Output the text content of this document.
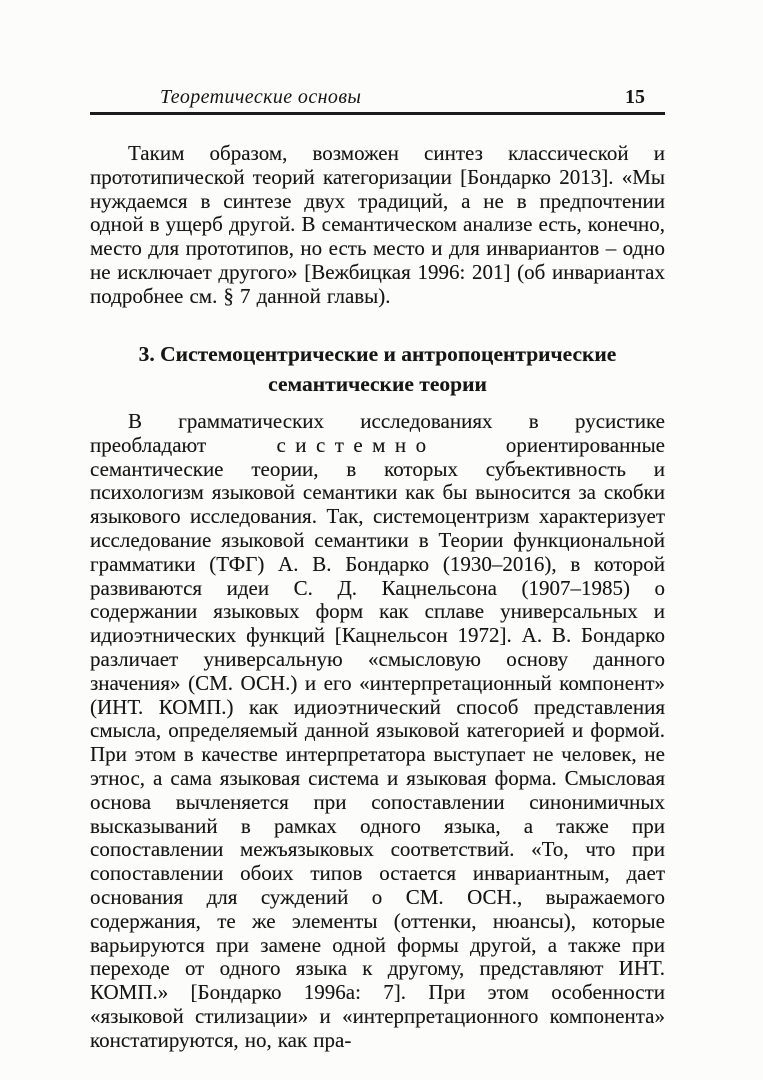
Теоретические основы	15

Таким образом, возможен синтез классической и прототипической теорий категоризации [Бондарко 2013]. «Мы нуждаемся в синтезе двух традиций, а не в предпочтении одной в ущерб другой. В семантическом анализе есть, конечно, место для прототипов, но есть место и для инвариантов – одно не исключает другого» [Вежбицкая 1996: 201] (об инвариантах подробнее см. § 7 данной главы).

3. Системоцентрические и антропоцентрические
семантические теории

В грамматических исследованиях в русистике преобладают системно ориентированные семантические теории, в которых субъективность и психологизм языковой семантики как бы выносится за скобки языкового исследования. Так, системоцентризм характеризует исследование языковой семантики в Теории функциональной грамматики (ТФГ) А. В. Бондарко (1930–2016), в которой развиваются идеи С. Д. Кацнельсона (1907–1985) о содержании языковых форм как сплаве универсальных и идиоэтнических функций [Кацнельсон 1972]. А. В. Бондарко различает универсальную «смысловую основу данного значения» (СМ. ОСН.) и его «интерпретационный компонент» (ИНТ. КОМП.) как идиоэтнический способ представления смысла, определяемый данной языковой категорией и формой. При этом в качестве интерпретатора выступает не человек, не этнос, а сама языковая система и языковая форма. Смысловая основа вычленяется при сопоставлении синонимичных высказываний в рамках одного языка, а также при сопоставлении межъязыковых соответствий. «То, что при сопоставлении обоих типов остается инвариантным, дает основания для суждений о СМ. ОСН., выражаемого содержания, те же элементы (оттенки, нюансы), которые варьируются при замене одной формы другой, а также при переходе от одного языка к другому, представляют ИНТ. КОМП.» [Бондарко 1996а: 7]. При этом особенности «языковой стилизации» и «интерпретационного компонента» констатируются, но, как пра-
